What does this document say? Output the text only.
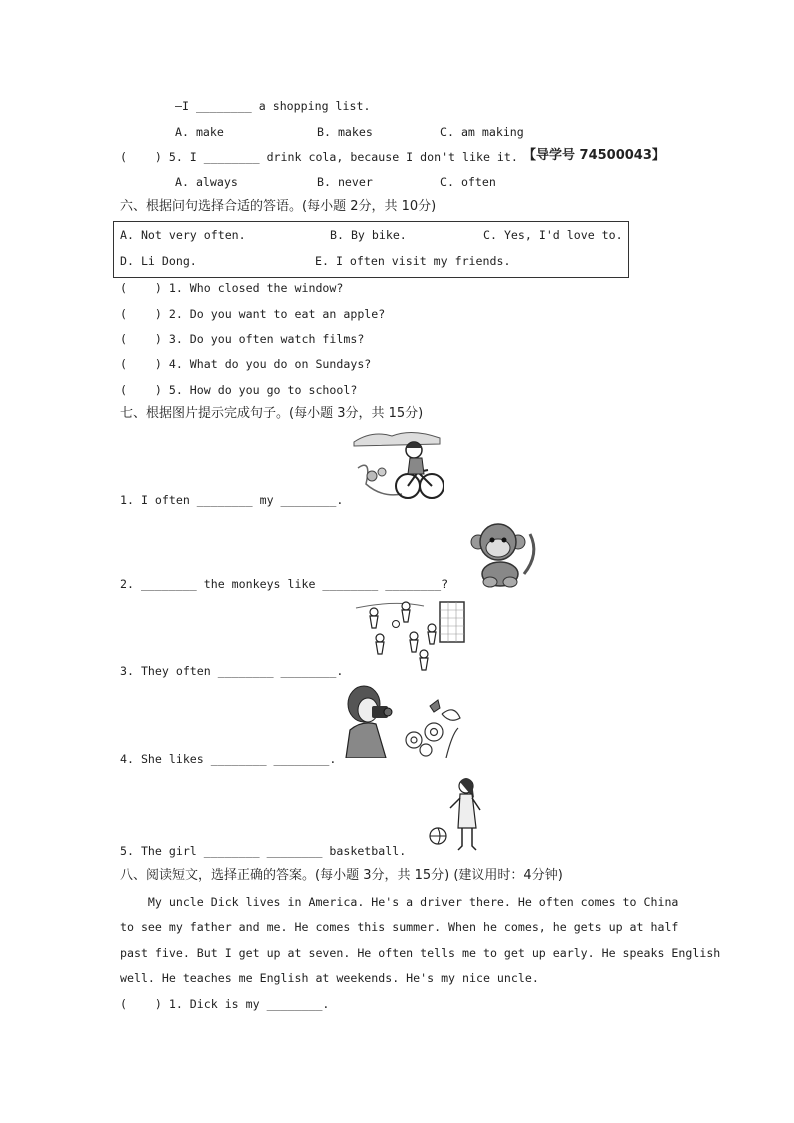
—I ________ a shopping list.
A. make	B. makes	C. am making
(    ) 5. I ________ drink cola, because I don't like it. 【导学号 74500043】
A. always	B. never	C. often
六、根据问句选择合适的答语。(每小题 2分，共 10分)
A. Not very often.	B. By bike.	C. Yes, I'd love to.
D. Li Dong.	E. I often visit my friends.
(    ) 1. Who closed the window?
(    ) 2. Do you want to eat an apple?
(    ) 3. Do you often watch films?
(    ) 4. What do you do on Sundays?
(    ) 5. How do you go to school?
七、根据图片提示完成句子。(每小题 3分，共 15分)
1. I often ________ my ________.
2. ________ the monkeys like ________ ________?
3. They often ________ ________.
4. She likes ________ ________.
5. The girl ________ ________ basketball.
八、阅读短文，选择正确的答案。(每小题 3分，共 15分) (建议用时：4分钟)
My uncle Dick lives in America. He's a driver there. He often comes to China
to see my father and me. He comes this summer. When he comes, he gets up at half
past five. But I get up at seven. He often tells me to get up early. He speaks English
well. He teaches me English at weekends. He's my nice uncle.
(    ) 1. Dick is my ________.
